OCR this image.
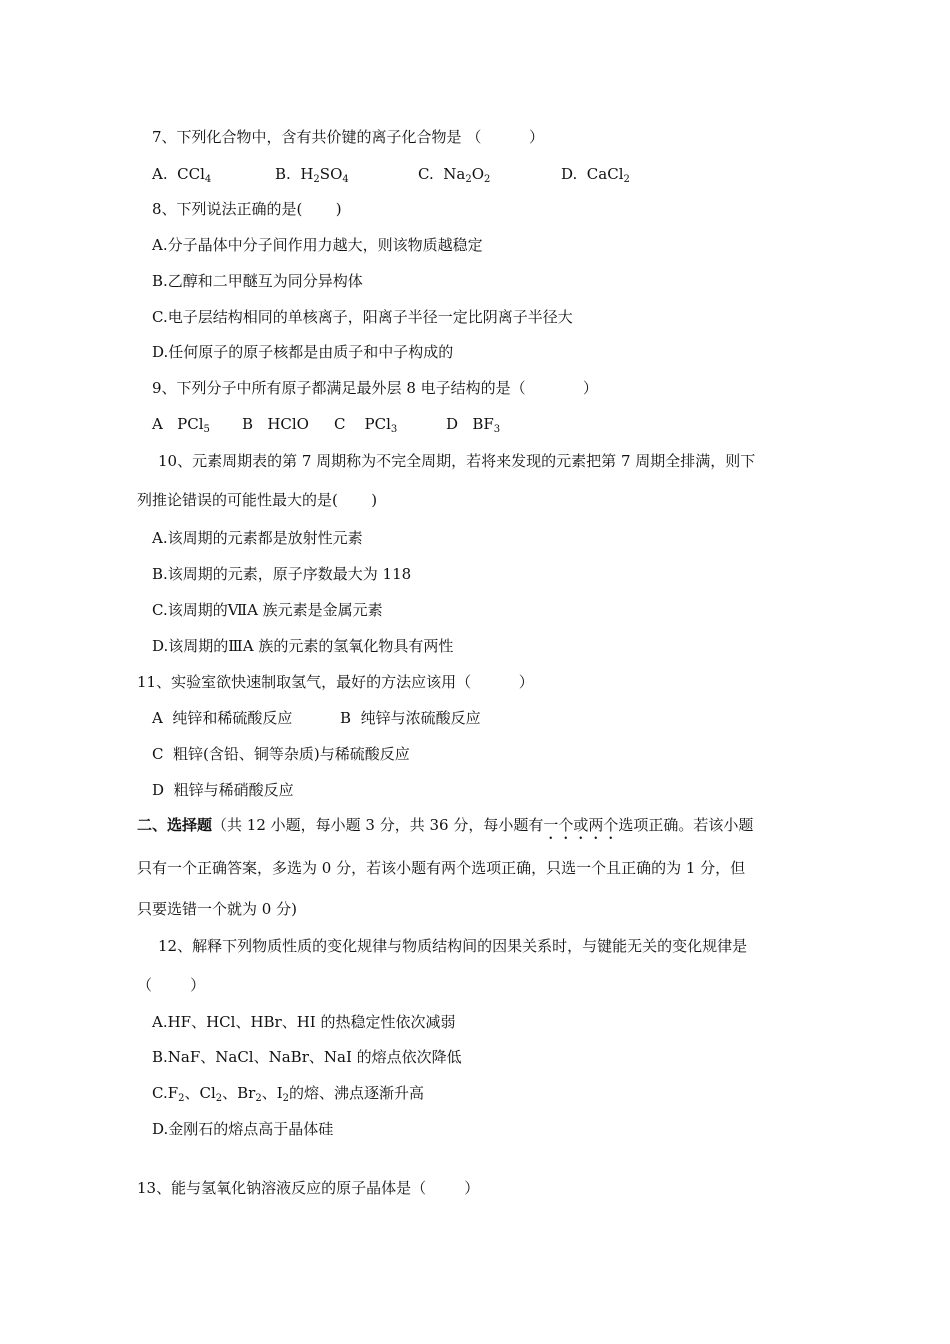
7、下列化合物中，含有共价键的离子化合物是 （          ）
A.  CCl$_4$	B.  $H_2SO_4$	C.  $Na_2O_2$	D.  CaCl$_2$
8、下列说法正确的是(       )
A.分子晶体中分子间作用力越大，则该物质越稳定
B.乙醇和二甲醚互为同分异构体
C.电子层结构相同的单核离子，阳离子半径一定比阴离子半径大
D.任何原子的原子核都是由质子和中子构成的
9、下列分子中所有原子都满足最外层 8 电子结构的是（            ）
A   PCl$_5$ B   HClO C    PCl$_3$	D   $BF_3$
10、元素周期表的第 7 周期称为不完全周期，若将来发现的元素把第 7 周期全排满，则下
列推论错误的可能性最大的是(       )
A.该周期的元素都是放射性元素
B.该周期的元素，原子序数最大为 118
C.该周期的ⅦA 族元素是金属元素
D.该周期的ⅢA 族的元素的氢氧化物具有两性
11、实验室欲快速制取氢气，最好的方法应该用（          ）
A  纯锌和稀硫酸反应          B  纯锌与浓硫酸反应
C  粗锌(含铅、铜等杂质)与稀硫酸反应
D  粗锌与稀硝酸反应
二、选择题（共 12 小题，每小题 3 分，共 36 分，每小题有一个或两个选项正确。若该小题
只有一个正确答案，多选为 0 分，若该小题有两个选项正确，只选一个且正确的为 1 分，但
只要选错一个就为 0 分)
12、解释下列物质性质的变化规律与物质结构间的因果关系时，与键能无关的变化规律是
（        ）
A.HF、HCl、HBr、HI 的热稳定性依次减弱
B.NaF、NaCl、NaBr、NaI 的熔点依次降低
$C.F_2$、$Cl_2$、$Br_2$、$I_2$的熔、沸点逐渐升高
D.金刚石的熔点高于晶体硅
13、能与氢氧化钠溶液反应的原子晶体是（        ）
